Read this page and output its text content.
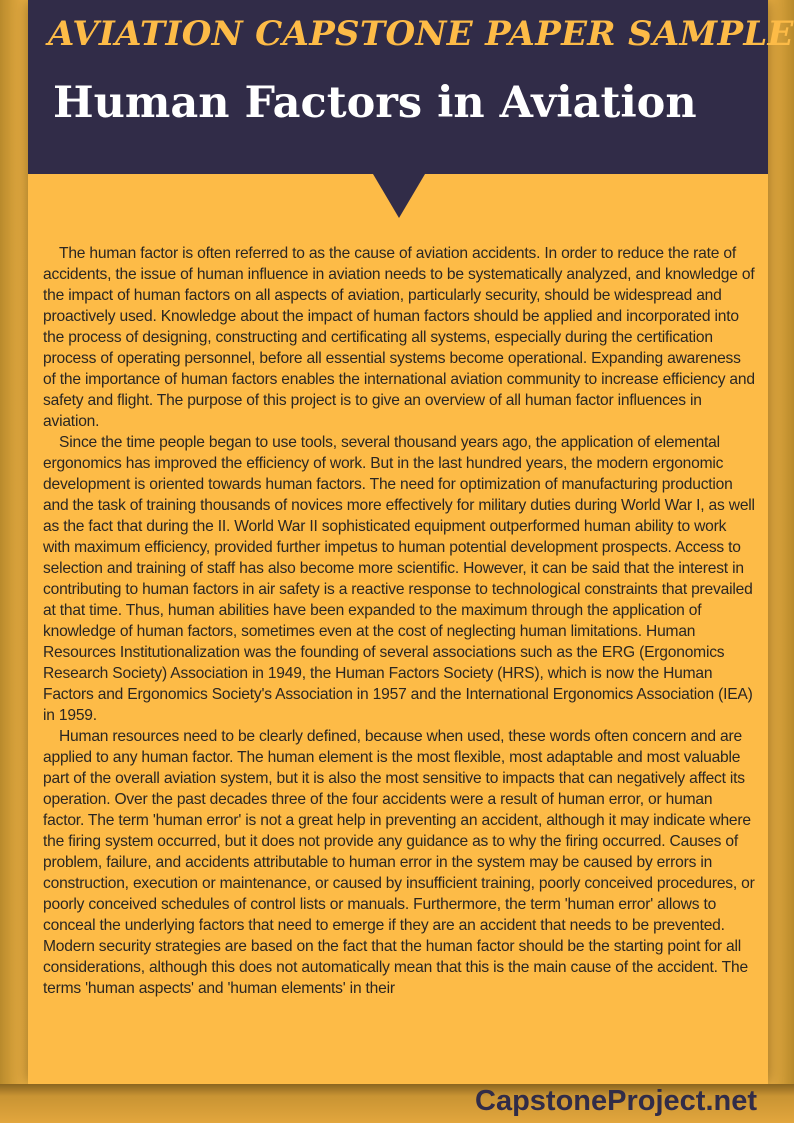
AVIATION CAPSTONE PAPER SAMPLE
Human Factors in Aviation

The human factor is often referred to as the cause of aviation accidents. In order to reduce the rate of accidents, the issue of human influence in aviation needs to be systematically analyzed, and knowledge of the impact of human factors on all aspects of aviation, particularly security, should be widespread and proactively used. Knowledge about the impact of human factors should be applied and incorporated into the process of designing, constructing and certificating all systems, especially during the certification process of operating personnel, before all essential systems become operational. Expanding awareness of the importance of human factors enables the international aviation community to increase efficiency and safety and flight. The purpose of this project is to give an overview of all human factor influences in aviation.

Since the time people began to use tools, several thousand years ago, the application of elemental ergonomics has improved the efficiency of work. But in the last hundred years, the modern ergonomic development is oriented towards human factors. The need for optimization of manufacturing production and the task of training thousands of novices more effectively for military duties during World War I, as well as the fact that during the II. World War II sophisticated equipment outperformed human ability to work with maximum efficiency, provided further impetus to human potential development prospects. Access to selection and training of staff has also become more scientific. However, it can be said that the interest in contributing to human factors in air safety is a reactive response to technological constraints that prevailed at that time. Thus, human abilities have been expanded to the maximum through the application of knowledge of human factors, sometimes even at the cost of neglecting human limitations. Human Resources Institutionalization was the founding of several associations such as the ERG (Ergonomics Research Society) Association in 1949, the Human Factors Society (HRS), which is now the Human Factors and Ergonomics Society's Association in 1957 and the International Ergonomics Association (IEA) in 1959.

Human resources need to be clearly defined, because when used, these words often concern and are applied to any human factor. The human element is the most flexible, most adaptable and most valuable part of the overall aviation system, but it is also the most sensitive to impacts that can negatively affect its operation. Over the past decades three of the four accidents were a result of human error, or human factor. The term 'human error' is not a great help in preventing an accident, although it may indicate where the firing system occurred, but it does not provide any guidance as to why the firing occurred. Causes of problem, failure, and accidents attributable to human error in the system may be caused by errors in construction, execution or maintenance, or caused by insufficient training, poorly conceived procedures, or poorly conceived schedules of control lists or manuals. Furthermore, the term 'human error' allows to conceal the underlying factors that need to emerge if they are an accident that needs to be prevented. Modern security strategies are based on the fact that the human factor should be the starting point for all considerations, although this does not automatically mean that this is the main cause of the accident. The terms 'human aspects' and 'human elements' in their

CapstoneProject.net
